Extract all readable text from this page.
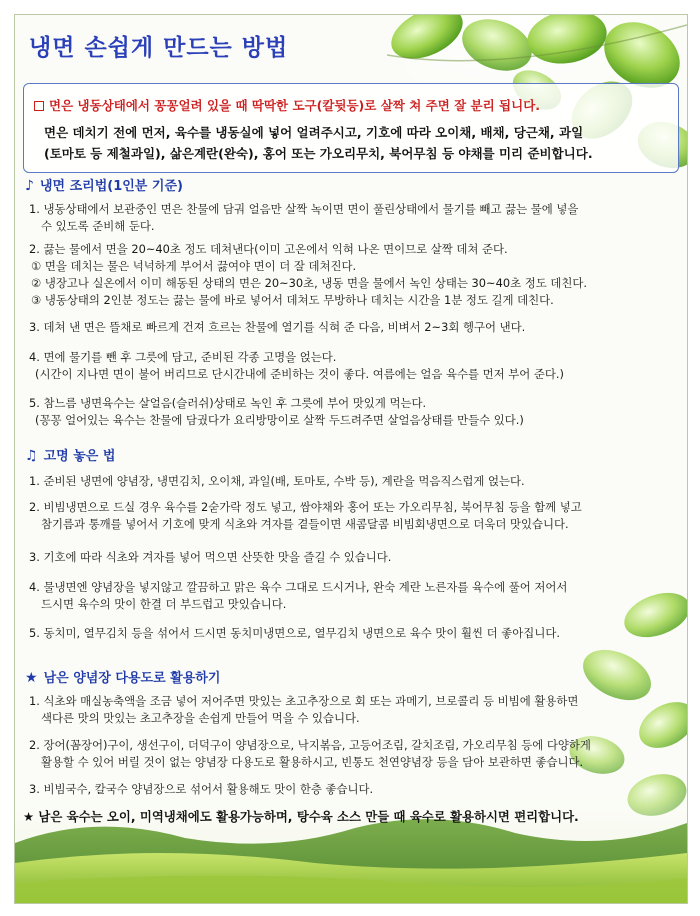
냉면 손쉽게 만드는 방법
면은 냉동상태에서 꽁꽁얼려 있을 때 딱딱한 도구(칼뒷등)로 살짝 쳐 주면 잘 분리 됩니다.
면은 데치기 전에 먼저, 육수를 냉동실에 넣어 얼려주시고, 기호에 따라 오이채, 배채, 당근채, 과일
(토마토 등 제철과일), 삶은계란(완숙), 홍어 또는 가오리무치, 북어무침 등 야채를 미리 준비합니다.
♪ 냉면 조리법(1인분 기준)
1. 냉동상태에서 보관중인 면은 찬물에 담궈 얼음만 살짝 녹이면 면이 풀린상태에서 물기를 빼고 끓는 물에 넣을
수 있도록 준비해 둔다.
2. 끓는 물에서 면을 20~40초 정도 데쳐낸다(이미 고온에서 익혀 나온 면이므로 살짝 데쳐 준다.
① 면을 데치는 물은 넉넉하게 부어서 끓여야 면이 더 잘 데쳐진다.
② 냉장고나 실온에서 이미 해동된 상태의 면은 20~30초, 냉동 면을 물에서 녹인 상태는 30~40초 정도 데친다.
③ 냉동상태의 2인분 정도는 끓는 물에 바로 넣어서 데쳐도 무방하나 데치는 시간을 1분 정도 길게 데친다.
3. 데쳐 낸 면은 뜰채로 빠르게 건져 흐르는 찬물에 열기를 식혀 준 다음, 비벼서 2~3회 헹구어 낸다.
4. 면에 물기를 뺀 후 그릇에 담고, 준비된 각종 고명을 얹는다.
(시간이 지나면 면이 불어 버리므로 단시간내에 준비하는 것이 좋다. 여름에는 얼음 육수를 먼저 부어 준다.)
5. 참느름 냉면육수는 살얼음(슬러쉬)상태로 녹인 후 그릇에 부어 맛있게 먹는다.
(꽁꽁 얼어있는 육수는 찬물에 담궜다가 요리방망이로 살짝 두드려주면 살얼음상태를 만들수 있다.)
♫ 고명 놓은 법
1. 준비된 냉면에 양념장, 냉면김치, 오이채, 과일(배, 토마토, 수박 등), 계란을 먹음직스럽게 얹는다.
2. 비빔냉면으로 드실 경우 육수를 2숟가락 정도 넣고, 쌈야채와 홍어 또는 가오리무침, 북어무침 등을 함께 넣고
참기름과 통깨를 넣어서 기호에 맞게 식초와 겨자를 곁들이면 새콤달콤 비빔회냉면으로 더욱더 맛있습니다.
3. 기호에 따라 식초와 겨자를 넣어 먹으면 산뜻한 맛을 즐길 수 있습니다.
4. 물냉면엔 양념장을 넣지않고 깔끔하고 맑은 육수 그대로 드시거나, 완숙 계란 노른자를 육수에 풀어 저어서
드시면 육수의 맛이 한결 더 부드럽고 맛있습니다.
5. 동치미, 열무김치 등을 섞어서 드시면 동치미냉면으로, 열무김치 냉면으로 육수 맛이 훨씬 더 좋아집니다.
★ 남은 양념장 다용도로 활용하기
1. 식초와 매실농축액을 조금 넣어 저어주면 맛있는 초고추장으로 회 또는 과메기, 브로콜리 등 비빔에 활용하면
색다른 맛의 맛있는 초고추장을 손쉽게 만들어 먹을 수 있습니다.
2. 장어(꼼장어)구이, 생선구이, 더덕구이 양념장으로, 낙지볶음, 고등어조림, 갈치조림, 가오리무침 등에 다양하게
활용할 수 있어 버릴 것이 없는 양념장 다용도로 활용하시고, 빈통도 천연양념장 등을 담아 보관하면 좋습니다.
3. 비빔국수, 칼국수 양념장으로 섞어서 활용해도 맛이 한층 좋습니다.
★ 남은 육수는 오이, 미역냉채에도 활용가능하며, 탕수육 소스 만들 때 육수로 활용하시면 편리합니다.
